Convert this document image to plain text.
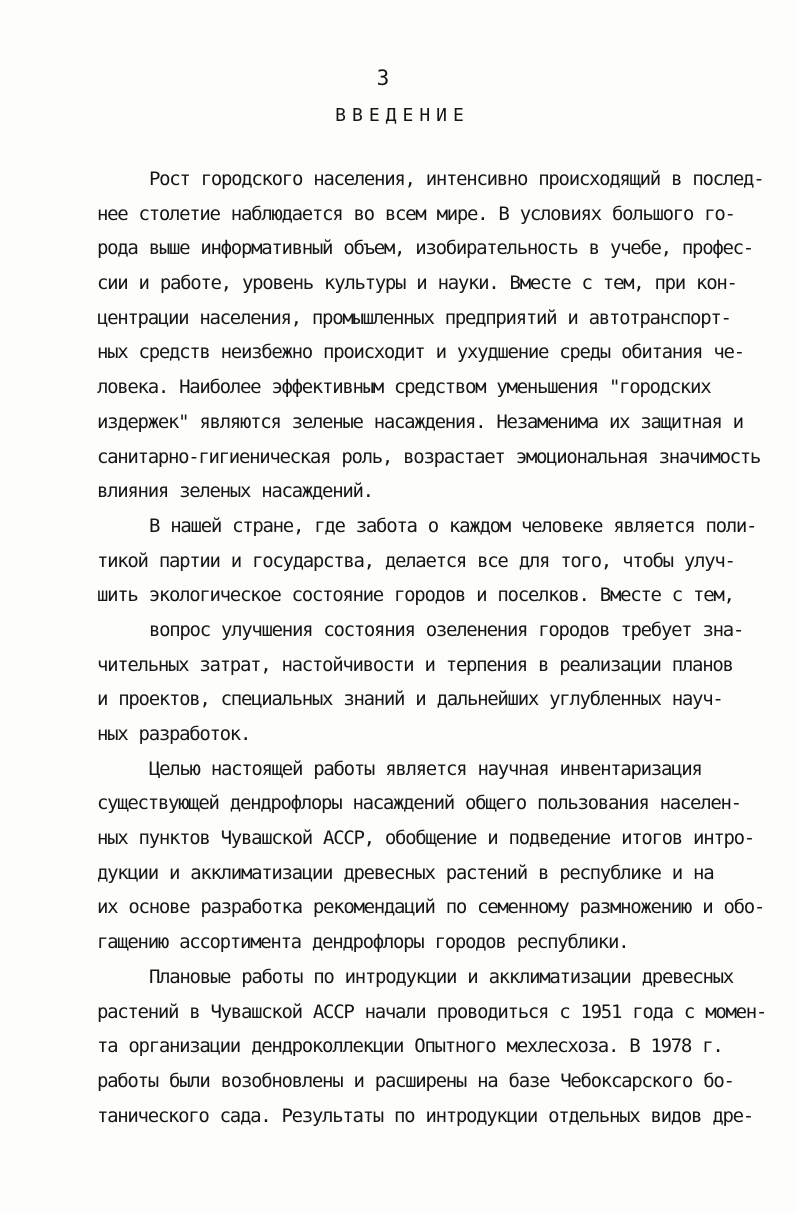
3
ВВЕДЕНИЕ
Рост городского населения, интенсивно происходящий в послед-
нее столетие наблюдается во всем мире. В условиях большого го-
рода выше информативный объем, изобирательность в учебе, профес-
сии и работе, уровень культуры и науки. Вместе с тем, при кон-
центрации населения, промышленных предприятий и автотранспорт-
ных средств неизбежно происходит и ухудшение среды обитания че-
ловека. Наиболее эффективным средством уменьшения "городских
издержек" являются зеленые насаждения. Незаменима их защитная и
санитарно-гигиеническая роль, возрастает эмоциональная значимость
влияния зеленых насаждений.
В нашей стране, где забота о каждом человеке является поли-
тикой партии и государства, делается все для того, чтобы улуч-
шить экологическое состояние городов и поселков. Вместе с тем,
вопрос улучшения состояния озеленения городов требует зна-
чительных затрат, настойчивости и терпения в реализации планов
и проектов, специальных знаний и дальнейших углубленных науч-
ных разработок.
Целью настоящей работы является научная инвентаризация
существующей дендрофлоры насаждений общего пользования населен-
ных пунктов Чувашской АССР, обобщение и подведение итогов интро-
дукции и акклиматизации древесных растений в республике и на
их основе разработка рекомендаций по семенному размножению и обо-
гащению ассортимента дендрофлоры городов республики.
Плановые работы по интродукции и акклиматизации древесных
растений в Чувашской АССР начали проводиться с 1951 года с момен-
та организации дендроколлекции Опытного мехлесхоза. В 1978 г.
работы были возобновлены и расширены на базе Чебоксарского бо-
танического сада. Результаты по интродукции отдельных видов дре-
